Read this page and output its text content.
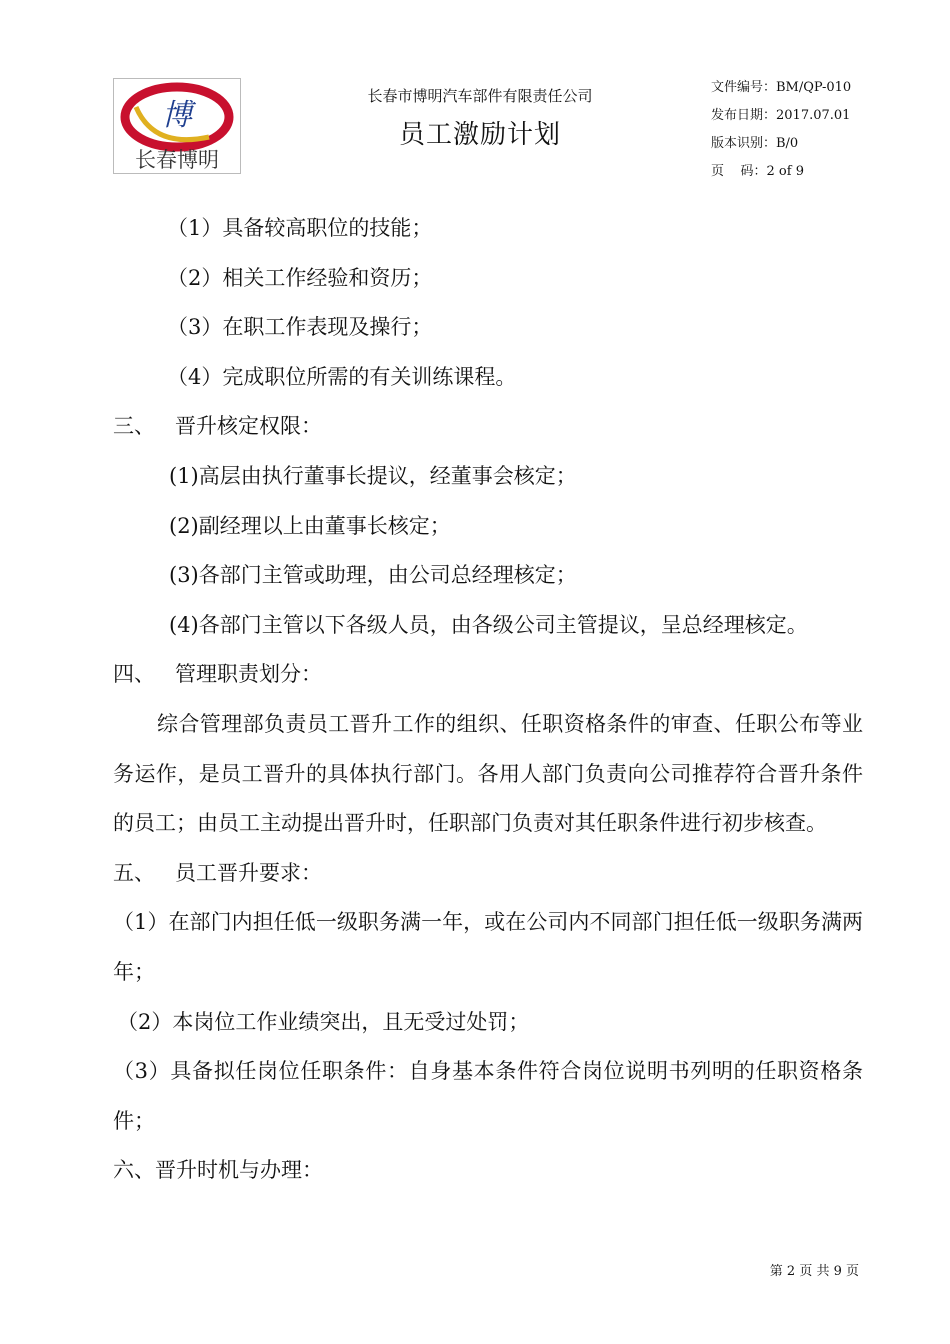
博
长春博明
长春市博明汽车部件有限责任公司
员工激励计划
文件编号：BM/QP-010
发布日期：2017.07.01
版本识别：B/0
页    码：2 of 9

（1）具备较高职位的技能；

（2）相关工作经验和资历；

（3）在职工作表现及操行；

（4）完成职位所需的有关训练课程。

三、   晋升核定权限：

(1)高层由执行董事长提议，经董事会核定；

(2)副经理以上由董事长核定；

(3)各部门主管或助理，由公司总经理核定；

(4)各部门主管以下各级人员，由各级公司主管提议，呈总经理核定。

四、   管理职责划分：

综合管理部负责员工晋升工作的组织、任职资格条件的审查、任职公布等业务运作，是员工晋升的具体执行部门。各用人部门负责向公司推荐符合晋升条件的员工；由员工主动提出晋升时，任职部门负责对其任职条件进行初步核查。

五、   员工晋升要求：

（1）在部门内担任低一级职务满一年，或在公司内不同部门担任低一级职务满两年；

（2）本岗位工作业绩突出，且无受过处罚；

（3）具备拟任岗位任职条件：自身基本条件符合岗位说明书列明的任职资格条件；

六、晋升时机与办理：

第 2 页 共 9 页
